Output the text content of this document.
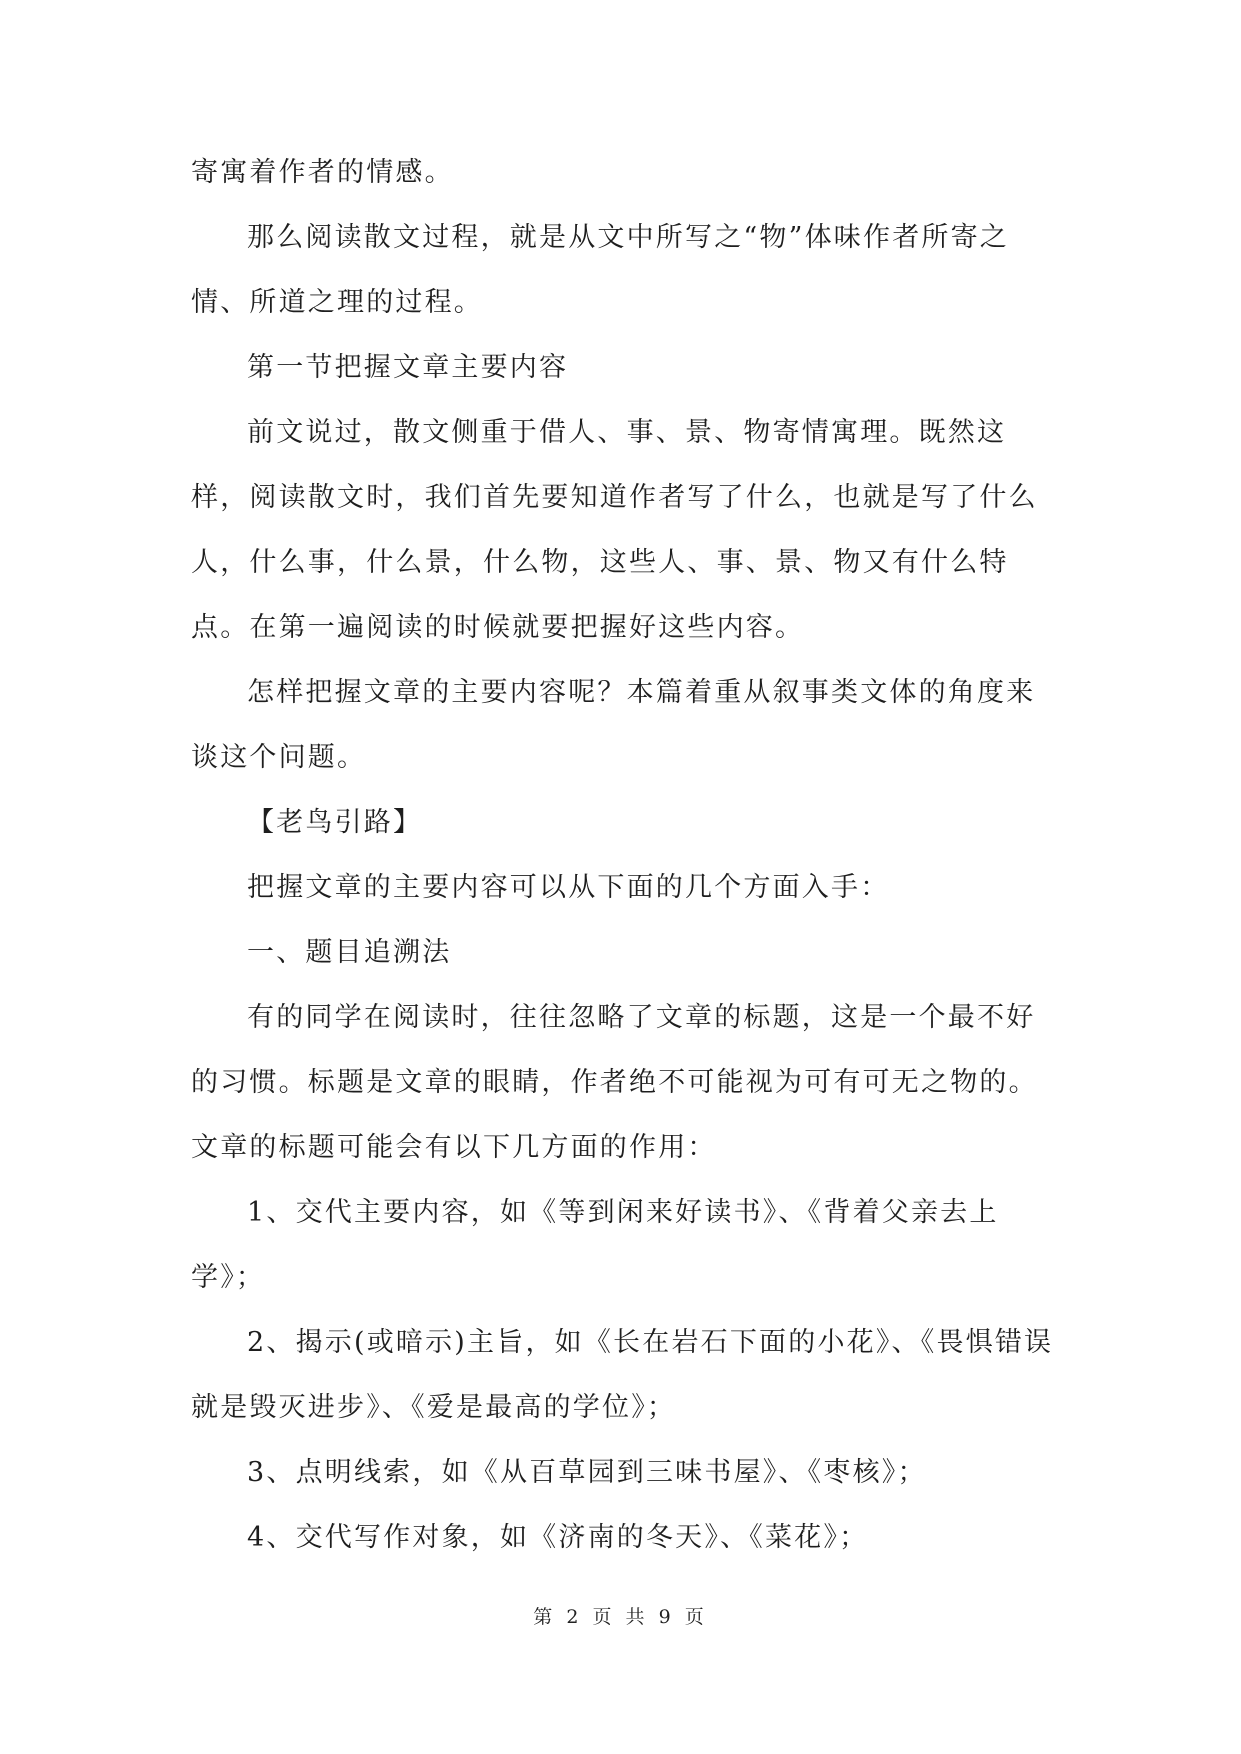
寄寓着作者的情感。

那么阅读散文过程，就是从文中所写之“物”体味作者所寄之情、所道之理的过程。

第一节把握文章主要内容

前文说过，散文侧重于借人、事、景、物寄情寓理。既然这样，阅读散文时，我们首先要知道作者写了什么，也就是写了什么人，什么事，什么景，什么物，这些人、事、景、物又有什么特点。在第一遍阅读的时候就要把握好这些内容。

怎样把握文章的主要内容呢？本篇着重从叙事类文体的角度来谈这个问题。

【老鸟引路】

把握文章的主要内容可以从下面的几个方面入手：

一、题目追溯法

有的同学在阅读时，往往忽略了文章的标题，这是一个最不好的习惯。标题是文章的眼睛，作者绝不可能视为可有可无之物的。文章的标题可能会有以下几方面的作用：

1、交代主要内容，如《等到闲来好读书》、《背着父亲去上学》；

2、揭示(或暗示)主旨，如《长在岩石下面的小花》、《畏惧错误就是毁灭进步》、《爱是最高的学位》；

3、点明线索，如《从百草园到三味书屋》、《枣核》；

4、交代写作对象，如《济南的冬天》、《菜花》；

第 2 页 共 9 页
